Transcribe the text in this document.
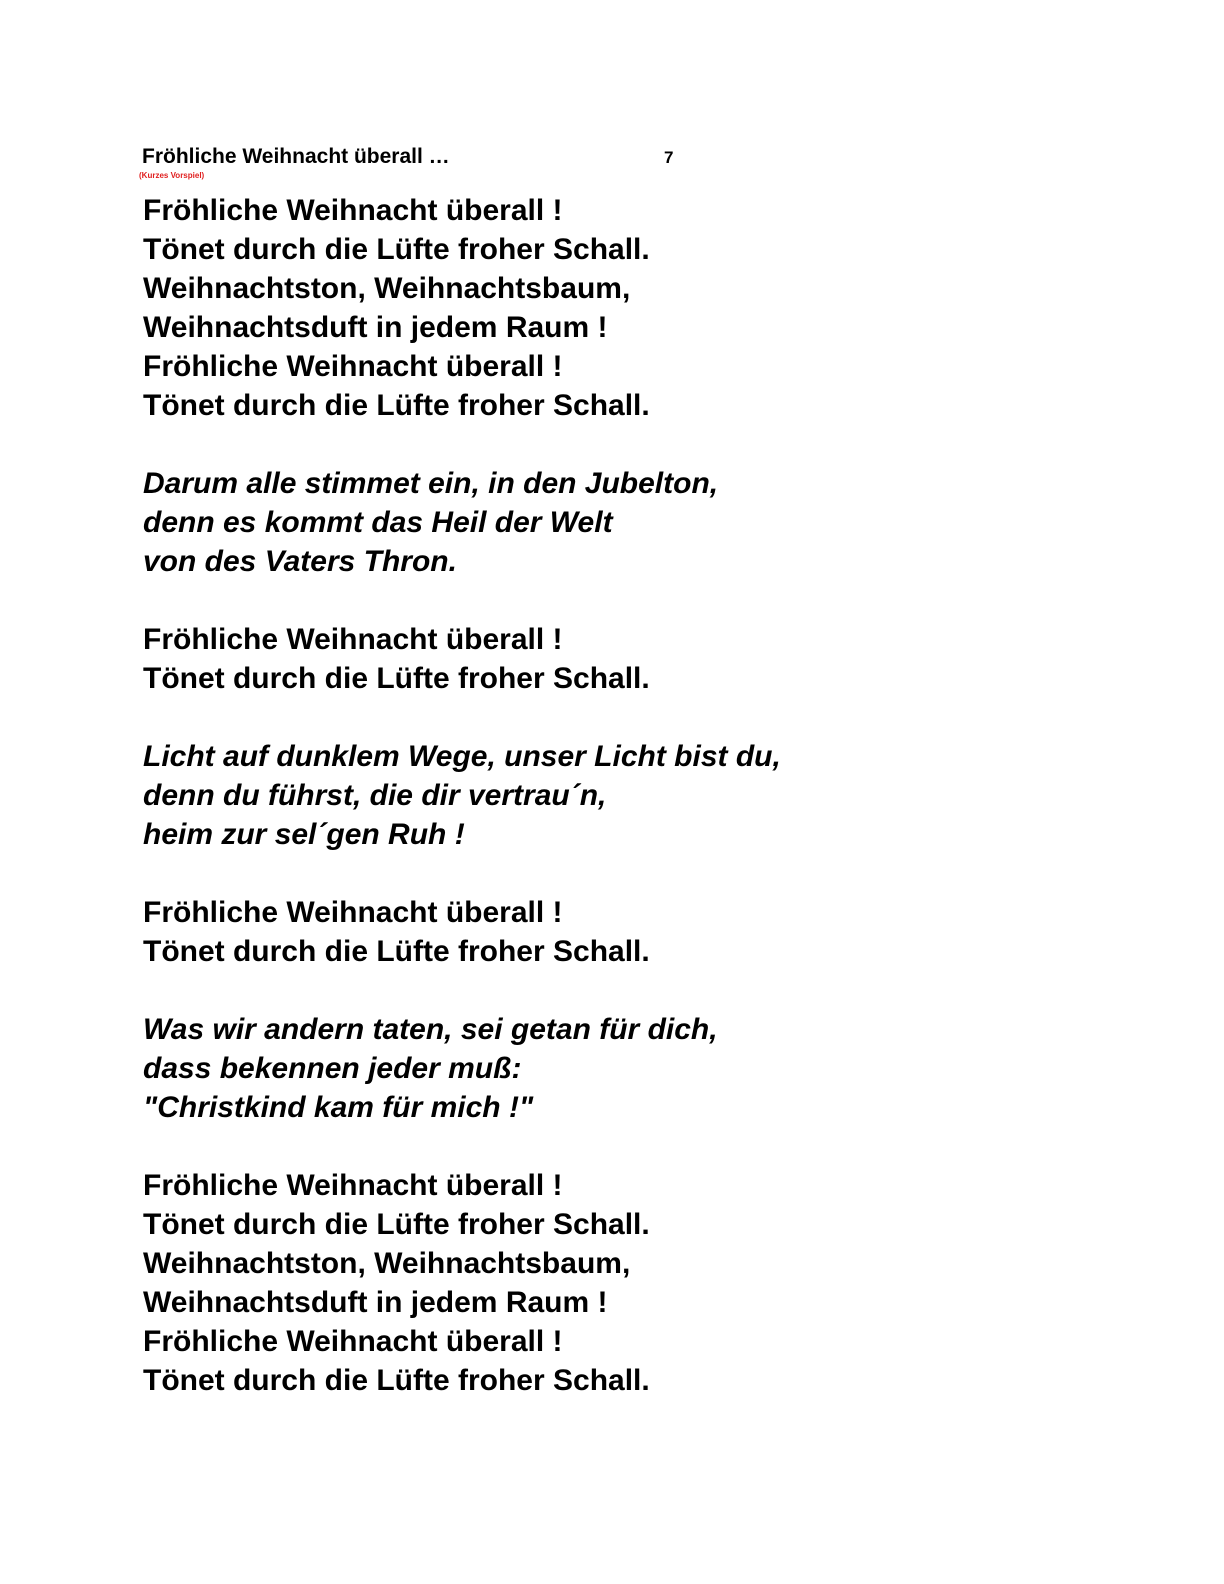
Fröhliche Weihnacht überall …	7
(Kurzes Vorspiel)
Fröhliche Weihnacht überall !
Tönet durch die Lüfte froher Schall.
Weihnachtston, Weihnachtsbaum,
Weihnachtsduft in jedem Raum !
Fröhliche Weihnacht überall !
Tönet durch die Lüfte froher Schall.
Darum alle stimmet ein, in den Jubelton,
denn es kommt das Heil der Welt
von des Vaters Thron.
Fröhliche Weihnacht überall !
Tönet durch die Lüfte froher Schall.
Licht auf dunklem Wege, unser Licht bist du,
denn du führst, die dir vertrau´n,
heim zur sel´gen Ruh !
Fröhliche Weihnacht überall !
Tönet durch die Lüfte froher Schall.
Was wir andern taten, sei getan für dich,
dass bekennen jeder muß:
"Christkind kam für mich !"
Fröhliche Weihnacht überall !
Tönet durch die Lüfte froher Schall.
Weihnachtston, Weihnachtsbaum,
Weihnachtsduft in jedem Raum !
Fröhliche Weihnacht überall !
Tönet durch die Lüfte froher Schall.
